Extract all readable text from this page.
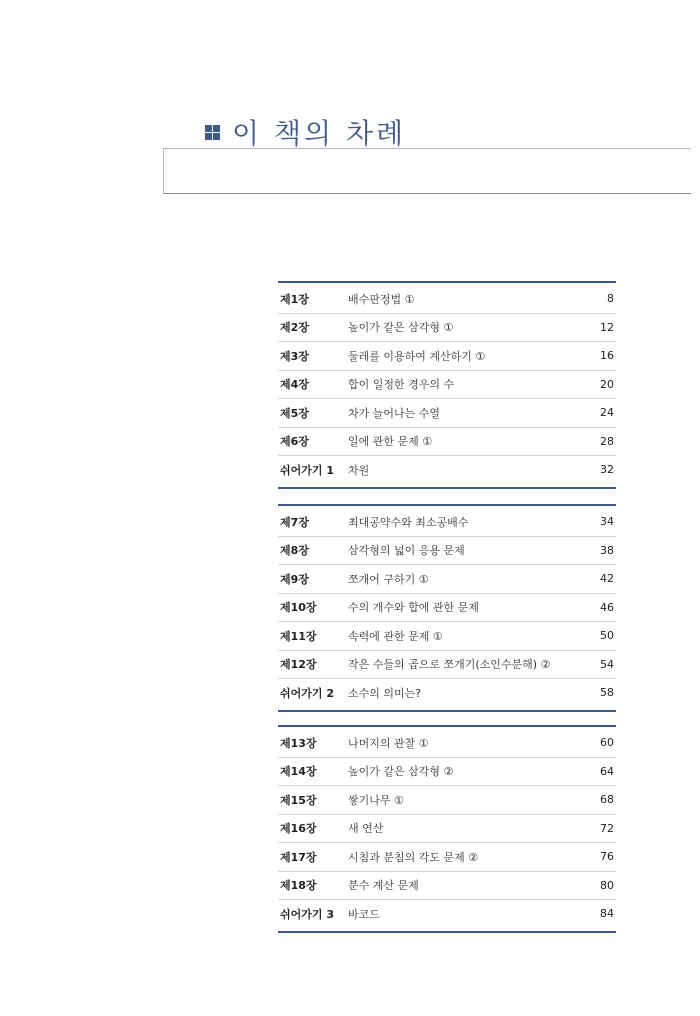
이 책의 차례
제1장	배수판정법 ①	8
제2장	높이가 같은 삼각형 ①	12
제3장	둘레를 이용하여 계산하기 ①	16
제4장	합이 일정한 경우의 수	20
제5장	차가 늘어나는 수열	24
제6장	일에 관한 문제 ①	28
쉬어가기 1	차원	32
제7장	최대공약수와 최소공배수	34
제8장	삼각형의 넓이 응용 문제	38
제9장	쪼개어 구하기 ①	42
제10장	수의 개수와 합에 관한 문제	46
제11장	속력에 관한 문제 ①	50
제12장	작은 수들의 곱으로 쪼개기(소인수분해) ②	54
쉬어가기 2	소수의 의미는?	58
제13장	나머지의 관찰 ①	60
제14장	높이가 같은 삼각형 ②	64
제15장	쌓기나무 ①	68
제16장	새 연산	72
제17장	시침과 분침의 각도 문제 ②	76
제18장	분수 계산 문제	80
쉬어가기 3	바코드	84
